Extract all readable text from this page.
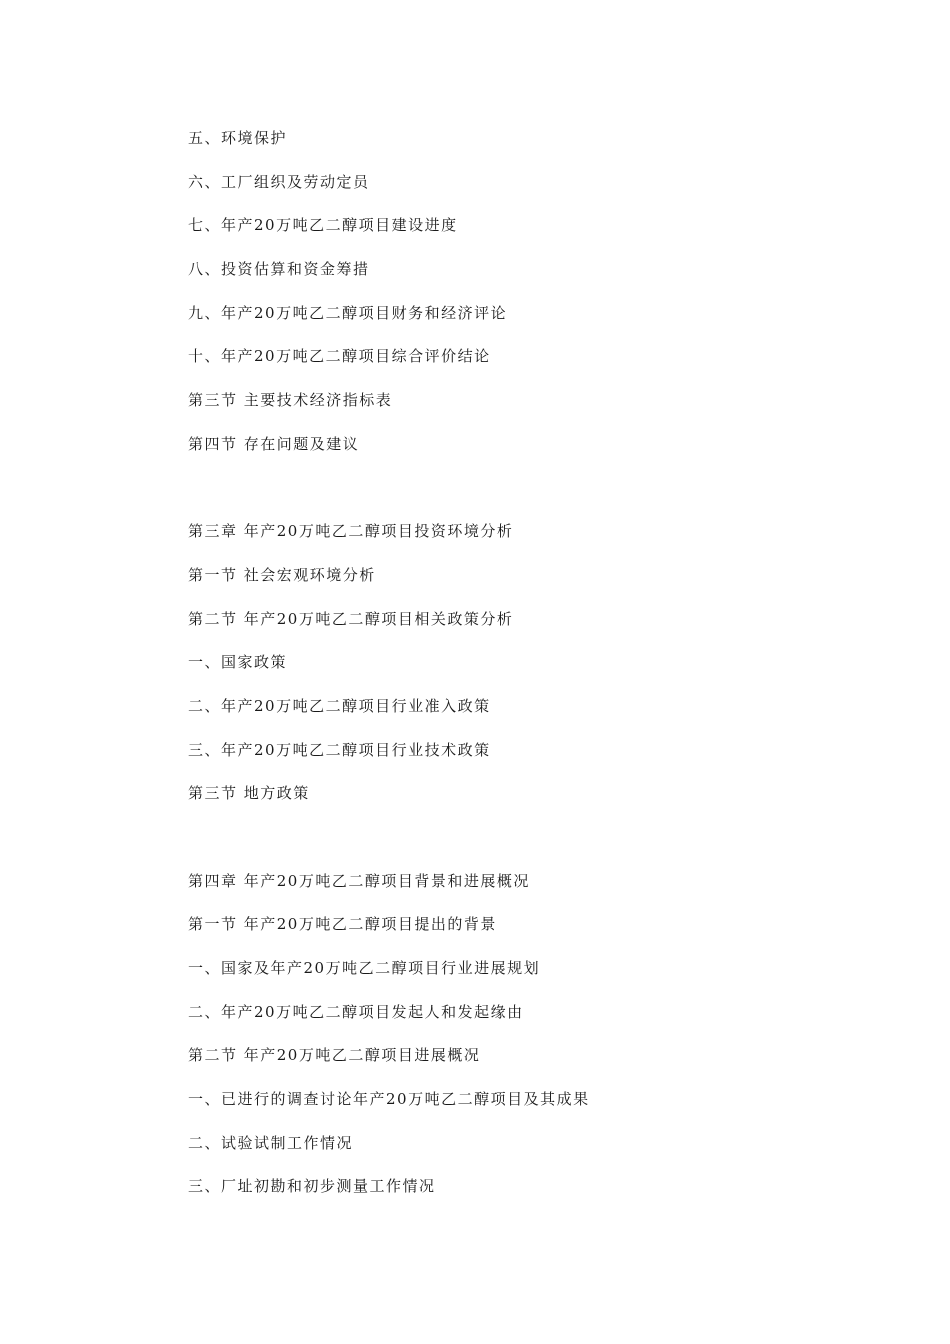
五、环境保护
六、工厂组织及劳动定员
七、年产20万吨乙二醇项目建设进度
八、投资估算和资金筹措
九、年产20万吨乙二醇项目财务和经济评论
十、年产20万吨乙二醇项目综合评价结论
第三节 主要技术经济指标表
第四节 存在问题及建议
第三章 年产20万吨乙二醇项目投资环境分析
第一节 社会宏观环境分析
第二节 年产20万吨乙二醇项目相关政策分析
一、国家政策
二、年产20万吨乙二醇项目行业准入政策
三、年产20万吨乙二醇项目行业技术政策
第三节 地方政策
第四章 年产20万吨乙二醇项目背景和进展概况
第一节 年产20万吨乙二醇项目提出的背景
一、国家及年产20万吨乙二醇项目行业进展规划
二、年产20万吨乙二醇项目发起人和发起缘由
第二节 年产20万吨乙二醇项目进展概况
一、已进行的调查讨论年产20万吨乙二醇项目及其成果
二、试验试制工作情况
三、厂址初勘和初步测量工作情况
